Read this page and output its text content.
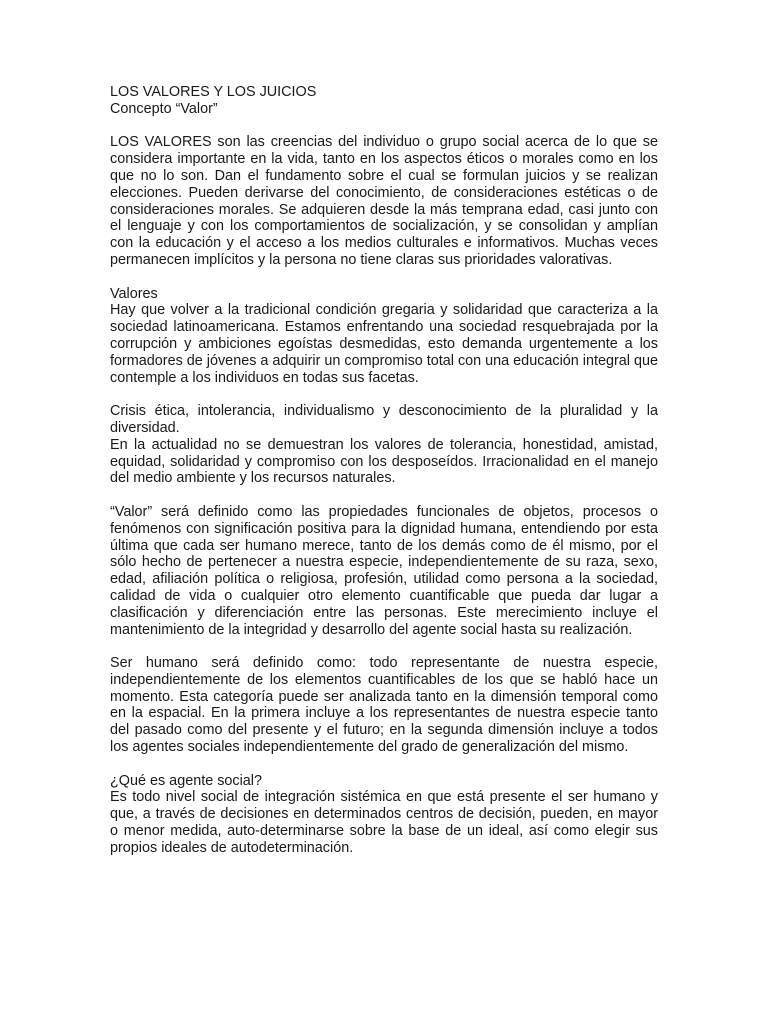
LOS VALORES Y LOS JUICIOS
Concepto “Valor”

LOS VALORES son las creencias del individuo o grupo social acerca de lo que se considera importante en la vida, tanto en los aspectos éticos o morales como en los que no lo son. Dan el fundamento sobre el cual se formulan juicios y se realizan elecciones. Pueden derivarse del conocimiento, de consideraciones estéticas o de consideraciones morales. Se adquieren desde la más temprana edad, casi junto con el lenguaje y con los comportamientos de socialización, y se consolidan y amplían con la educación y el acceso a los medios culturales e informativos. Muchas veces permanecen implícitos y la persona no tiene claras sus prioridades valorativas.

Valores

Hay que volver a la tradicional condición gregaria y solidaridad que caracteriza a la sociedad latinoamericana. Estamos enfrentando una sociedad resquebrajada por la corrupción y ambiciones egoístas desmedidas, esto demanda urgentemente a los formadores de jóvenes a adquirir un compromiso total con una educación integral que contemple a los individuos en todas sus facetas.

Crisis ética, intolerancia, individualismo y desconocimiento de la pluralidad y la diversidad.

En la actualidad no se demuestran los valores de tolerancia, honestidad, amistad, equidad, solidaridad y compromiso con los desposeídos. Irracionalidad en el manejo del medio ambiente y los recursos naturales.

“Valor” será definido como las propiedades funcionales de objetos, procesos o fenómenos con significación positiva para la dignidad humana, entendiendo por esta última que cada ser humano merece, tanto de los demás como de él mismo, por el sólo hecho de pertenecer a nuestra especie, independientemente de su raza, sexo, edad, afiliación política o religiosa, profesión, utilidad como persona a la sociedad, calidad de vida o cualquier otro elemento cuantificable que pueda dar lugar a clasificación y diferenciación entre las personas. Este merecimiento incluye el mantenimiento de la integridad y desarrollo del agente social hasta su realización.

Ser humano será definido como: todo representante de nuestra especie, independientemente de los elementos cuantificables de los que se habló hace un momento. Esta categoría puede ser analizada tanto en la dimensión temporal como en la espacial. En la primera incluye a los representantes de nuestra especie tanto del pasado como del presente y el futuro; en la segunda dimensión incluye a todos los agentes sociales independientemente del grado de generalización del mismo.

¿Qué es agente social?

Es todo nivel social de integración sistémica en que está presente el ser humano y que, a través de decisiones en determinados centros de decisión, pueden, en mayor o menor medida, auto-determinarse sobre la base de un ideal, así como elegir sus propios ideales de autodeterminación.
